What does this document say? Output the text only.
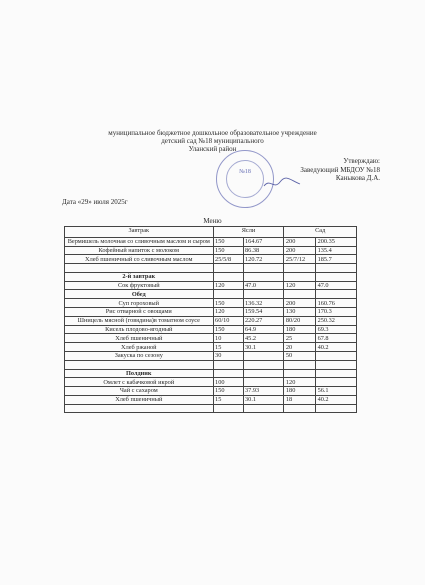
муниципальное бюджетное дошкольное образовательное учреждение
детский сад №18 муниципального
Уланский район
№18
Утверждаю:
Заведующий МБДОУ №18
Каныкова Д.А.
Дата «29» июля 2025г
Меню
Завтрак	Ясли		Сад	
Вермишель молочная со сливочным маслом и сыром	150	164.67	200	200.35
Кофейный напиток с молоком	150	86.38	200	135.4
Хлеб пшеничный со сливочным маслом	25/5/8	120.72	25/7/12	185.7

2-й завтрак				
Сок фруктовый	120	47.0	120	47.0
Обед				
Суп гороховый	150	136.32	200	160.76
Рис отварной с овощами	120	159.54	130	170.3
Шницель мясной (говядина)в томатном соусе	60/10	220.27	80/20	250.32
Кисель плодово-ягодный	150	64.9	180	69.3
Хлеб пшеничный	10	45.2	25	67.8
Хлеб ржаной	15	30.1	20	40.2
Закуска по сезону	30		50	

Полдник				
Омлет с кабачковой икрой	100		120	
Чай с сахаром	150	37.93	180	56.1
Хлеб пшеничный	15	30.1	18	40.2
